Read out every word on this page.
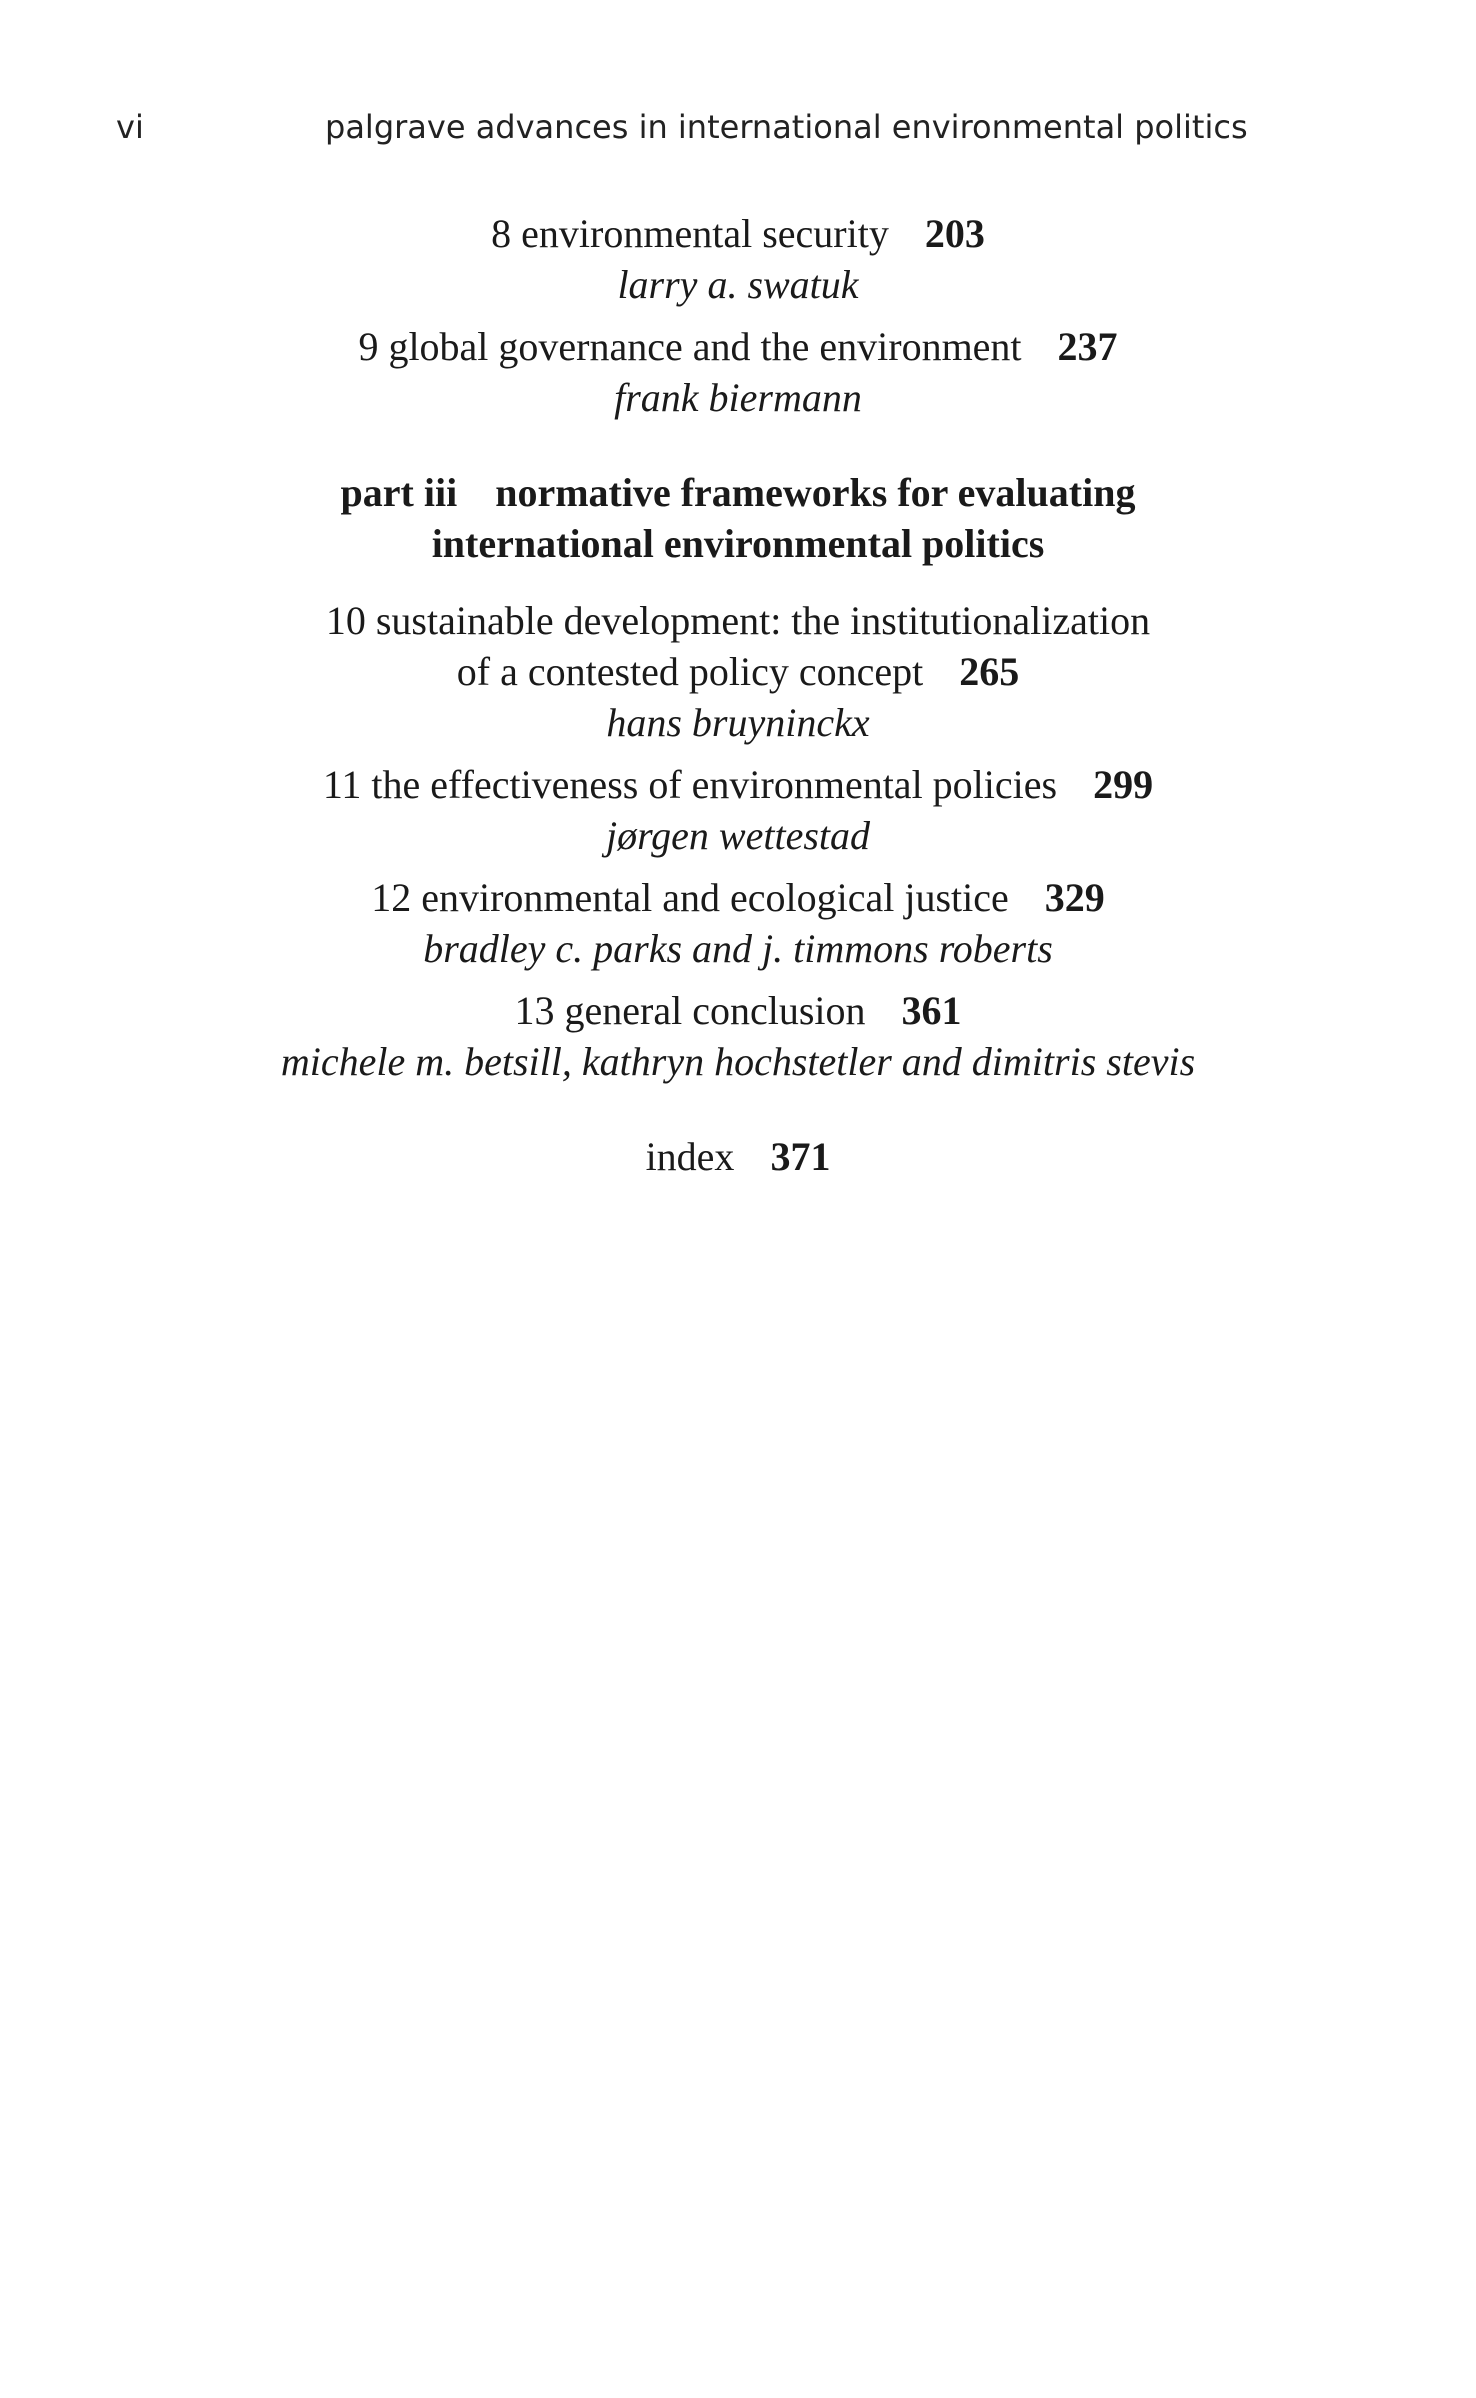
vi	palgrave advances in international environmental politics
8 environmental security 203
larry a. swatuk
9 global governance and the environment 237
frank biermann
part iii normative frameworks for evaluating
international environmental politics
10 sustainable development: the institutionalization
of a contested policy concept 265
hans bruyninckx
11 the effectiveness of environmental policies 299
jørgen wettestad
12 environmental and ecological justice 329
bradley c. parks and j. timmons roberts
13 general conclusion 361
michele m. betsill, kathryn hochstetler and dimitris stevis
index 371
